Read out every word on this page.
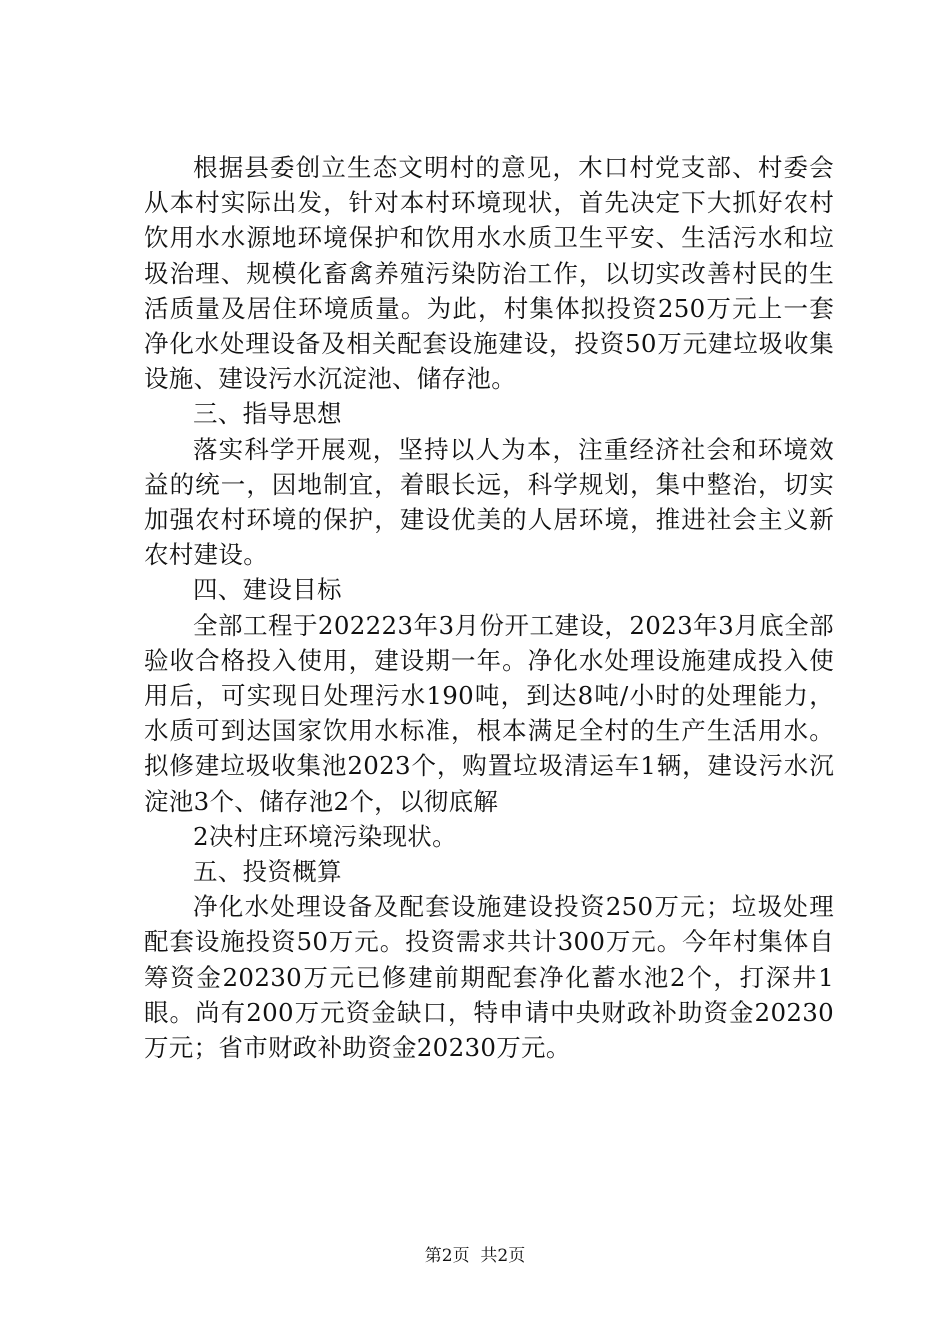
根据县委创立生态文明村的意见，木口村党支部、村委会从本村实际出发，针对本村环境现状，首先决定下大抓好农村饮用水水源地环境保护和饮用水水质卫生平安、生活污水和垃圾治理、规模化畜禽养殖污染防治工作，以切实改善村民的生活质量及居住环境质量。为此，村集体拟投资250万元上一套净化水处理设备及相关配套设施建设，投资50万元建垃圾收集设施、建设污水沉淀池、储存池。

三、指导思想

落实科学开展观，坚持以人为本，注重经济社会和环境效益的统一，因地制宜，着眼长远，科学规划，集中整治，切实加强农村环境的保护，建设优美的人居环境，推进社会主义新农村建设。

四、建设目标

全部工程于202223年3月份开工建设，2023年3月底全部验收合格投入使用，建设期一年。净化水处理设施建成投入使用后，可实现日处理污水190吨，到达8吨/小时的处理能力，水质可到达国家饮用水标准，根本满足全村的生产生活用水。拟修建垃圾收集池2023个，购置垃圾清运车1辆，建设污水沉淀池3个、储存池2个，以彻底解

2决村庄环境污染现状。

五、投资概算

净化水处理设备及配套设施建设投资250万元；垃圾处理配套设施投资50万元。投资需求共计300万元。今年村集体自筹资金20230万元已修建前期配套净化蓄水池2个，打深井1眼。尚有200万元资金缺口，特申请中央财政补助资金20230万元；省市财政补助资金20230万元。

第2页 共2页
